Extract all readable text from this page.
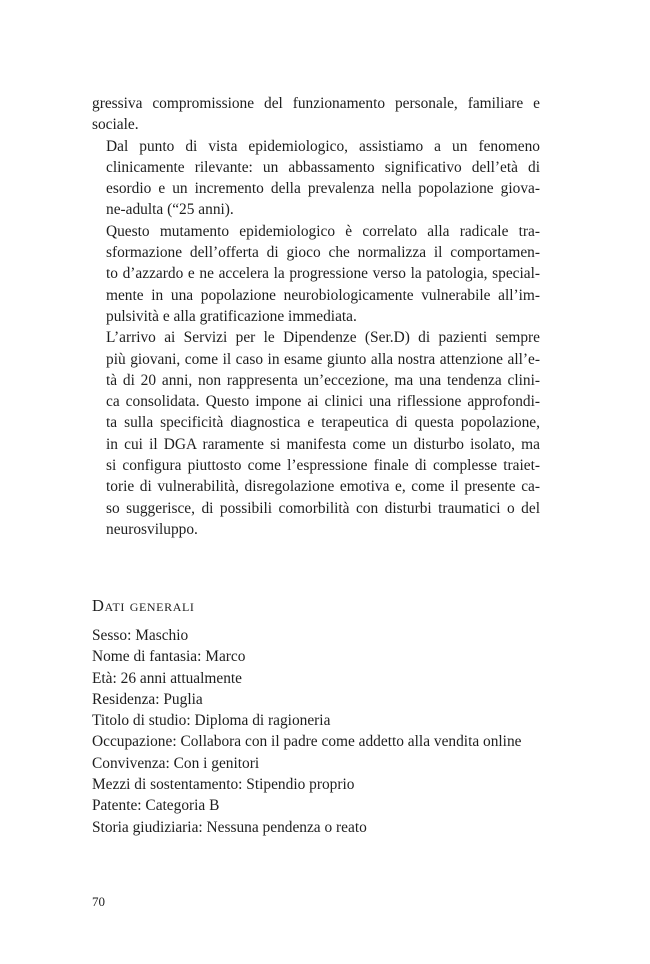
gressiva compromissione del funzionamento personale, familiare e
sociale.

Dal punto di vista epidemiologico, assistiamo a un fenomeno
clinicamente rilevante: un abbassamento significativo dell’età di
esordio e un incremento della prevalenza nella popolazione giova-
ne-adulta (“25 anni).

Questo mutamento epidemiologico è correlato alla radicale tra-
sformazione dell’offerta di gioco che normalizza il comportamen-
to d’azzardo e ne accelera la progressione verso la patologia, special-
mente in una popolazione neurobiologicamente vulnerabile all’im-
pulsività e alla gratificazione immediata.

L’arrivo ai Servizi per le Dipendenze (Ser.D) di pazienti sempre
più giovani, come il caso in esame giunto alla nostra attenzione all’e-
tà di 20 anni, non rappresenta un’eccezione, ma una tendenza clini-
ca consolidata. Questo impone ai clinici una riflessione approfondi-
ta sulla specificità diagnostica e terapeutica di questa popolazione,
in cui il DGA raramente si manifesta come un disturbo isolato, ma
si configura piuttosto come l’espressione finale di complesse traiet-
torie di vulnerabilità, disregolazione emotiva e, come il presente ca-
so suggerisce, di possibili comorbilità con disturbi traumatici o del
neurosviluppo.

Dati generali
Sesso: Maschio
Nome di fantasia: Marco
Età: 26 anni attualmente
Residenza: Puglia
Titolo di studio: Diploma di ragioneria
Occupazione: Collabora con il padre come addetto alla vendita online
Convivenza: Con i genitori
Mezzi di sostentamento: Stipendio proprio
Patente: Categoria B
Storia giudiziaria: Nessuna pendenza o reato
70
